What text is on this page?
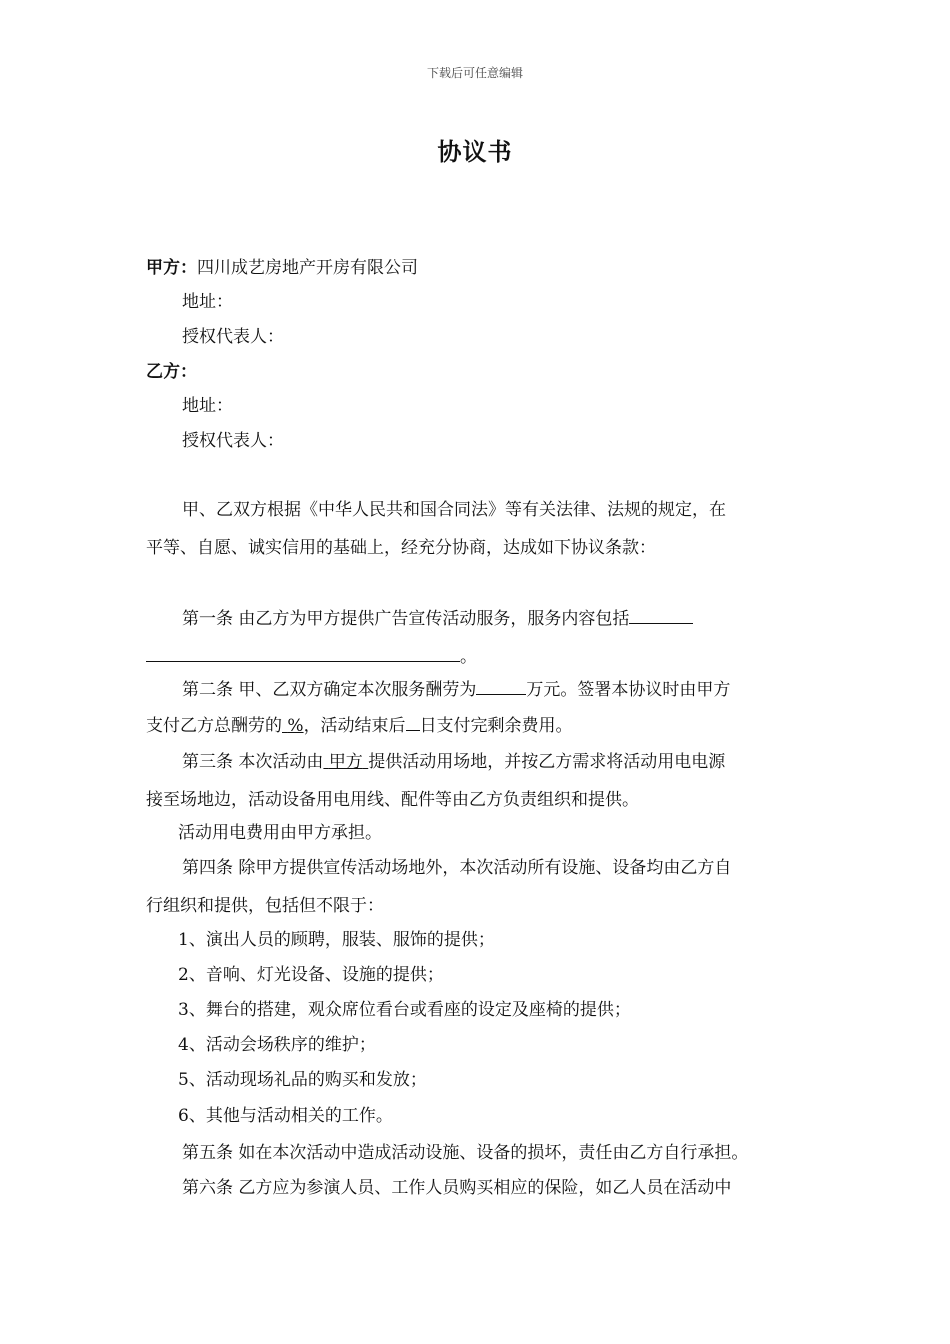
下载后可任意编辑
协议书
甲方：四川成艺房地产开房有限公司
地址：
授权代表人：
乙方：
地址：
授权代表人：
甲、乙双方根据《中华人民共和国合同法》等有关法律、法规的规定，在
平等、自愿、诚实信用的基础上，经充分协商，达成如下协议条款：
第一条 由乙方为甲方提供广告宣传活动服务，服务内容包括
。
第二条 甲、乙双方确定本次服务酬劳为	万元。签署本协议时由甲方
支付乙方总酬劳的 %，活动结束后 日支付完剩余费用。
第三条 本次活动由 甲方 提供活动用场地，并按乙方需求将活动用电电源
接至场地边，活动设备用电用线、配件等由乙方负责组织和提供。
活动用电费用由甲方承担。
第四条 除甲方提供宣传活动场地外，本次活动所有设施、设备均由乙方自
行组织和提供，包括但不限于：
1、演出人员的顾聘，服装、服饰的提供；
2、音响、灯光设备、设施的提供；
3、舞台的搭建，观众席位看台或看座的设定及座椅的提供；
4、活动会场秩序的维护；
5、活动现场礼品的购买和发放；
6、其他与活动相关的工作。
第五条 如在本次活动中造成活动设施、设备的损坏，责任由乙方自行承担。
第六条 乙方应为参演人员、工作人员购买相应的保险，如乙人员在活动中
